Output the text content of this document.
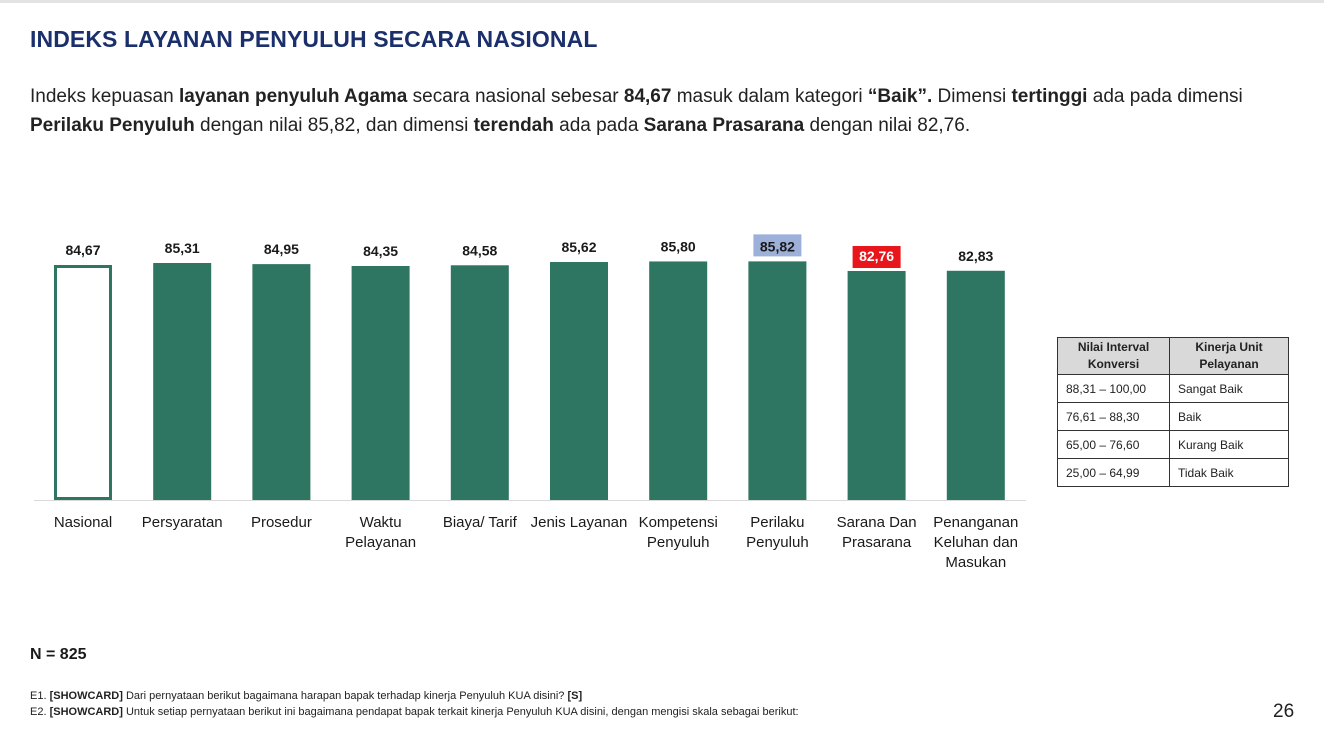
INDEKS LAYANAN PENYULUH SECARA NASIONAL
Indeks kepuasan layanan penyuluh Agama secara nasional sebesar 84,67 masuk dalam kategori “Baik”. Dimensi tertinggi ada pada dimensi
Perilaku Penyuluh dengan nilai 85,82, dan dimensi terendah ada pada Sarana Prasarana dengan nilai 82,76.
84,67
Nasional
85,31
Persyaratan
84,95
Prosedur
84,35
Waktu
Pelayanan
84,58
Biaya/ Tarif
85,62
Jenis Layanan
85,80
Kompetensi
Penyuluh
85,82
Perilaku
Penyuluh
82,76
Sarana Dan
Prasarana
82,83
Penanganan
Keluhan dan
Masukan
Nilai Interval
Konversi	Kinerja Unit
Pelayanan
88,31 – 100,00	Sangat Baik
76,61 – 88,30	Baik
65,00 – 76,60	Kurang Baik
25,00 – 64,99	Tidak Baik
N = 825
E1. [SHOWCARD] Dari pernyataan berikut bagaimana harapan bapak terhadap kinerja Penyuluh KUA disini? [S]
E2. [SHOWCARD] Untuk setiap pernyataan berikut ini bagaimana pendapat bapak terkait kinerja Penyuluh KUA disini, dengan mengisi skala sebagai berikut:	26
